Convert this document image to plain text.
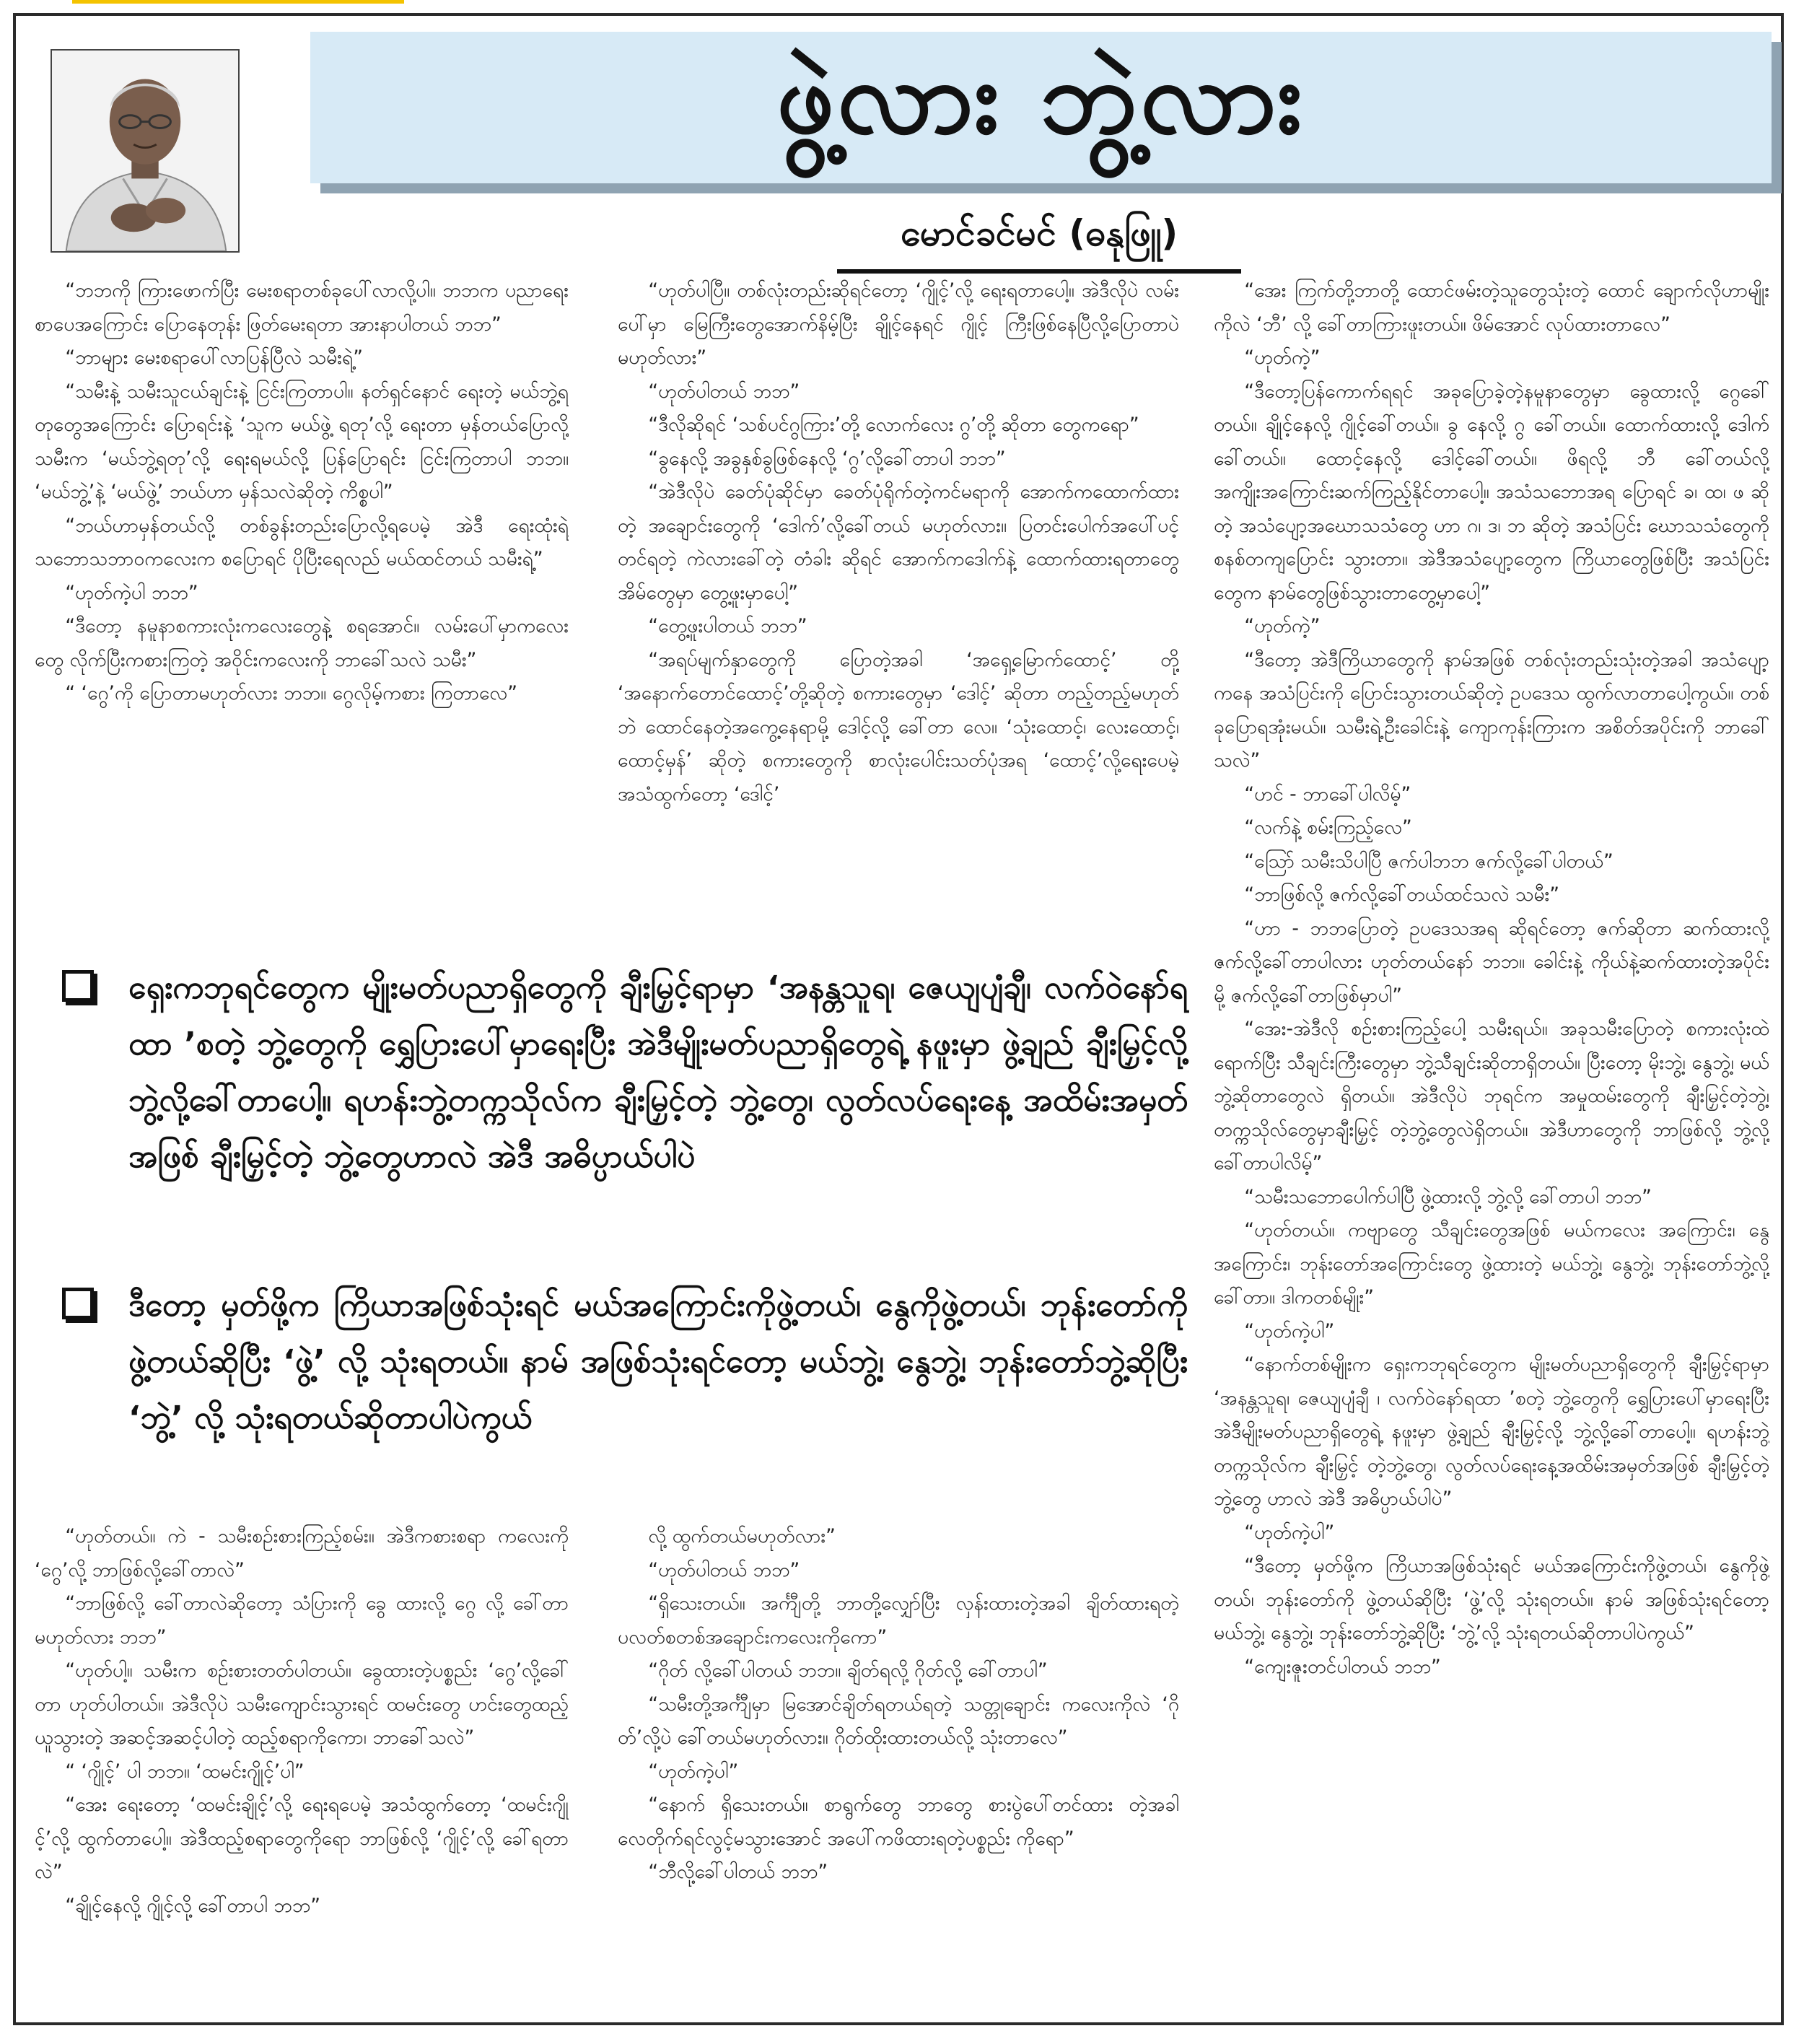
ဖွဲ့လား ဘွဲ့လား
မောင်ခင်မင် (ဓနုဖြူ)

“ဘဘကို ကြားဖောက်ပြီး မေးစရာတစ်ခုပေါ်လာလို့ပါ။ ဘဘက ပညာရေးစာပေအကြောင်း ပြောနေတုန်း ဖြတ်မေးရတာ အားနာပါတယ် ဘဘ”

“ဘာများ မေးစရာပေါ်လာပြန်ပြီလဲ သမီးရဲ့”

“သမီးနဲ့ သမီးသူငယ်ချင်းနဲ့ ငြင်းကြတာပါ။ နတ်ရှင်နောင် ရေးတဲ့ မယ်ဘွဲ့ရတုတွေအကြောင်း ပြောရင်းနဲ့ ‘သူက မယ်ဖွဲ့ ရတု’လို့ ရေးတာ မှန်တယ်ပြောလို့ သမီးက ‘မယ်ဘွဲ့ရတု’လို့ ရေးရမယ်လို့ ပြန်ပြောရင်း ငြင်းကြတာပါ ဘဘ။ ‘မယ်ဘွဲ့’နဲ့ ‘မယ်ဖွဲ့’ ဘယ်ဟာ မှန်သလဲဆိုတဲ့ ကိစ္စပါ”

“ဘယ်ဟာမှန်တယ်လို့ တစ်ခွန်းတည်းပြောလို့ရပေမဲ့ အဲဒီ ရေးထုံးရဲ့သဘောသဘာဝကလေးက စပြောရင် ပိုပြီးရေလည် မယ်ထင်တယ် သမီးရဲ့”

“ဟုတ်ကဲ့ပါ ဘဘ”

“ဒီတော့ နမူနာစကားလုံးကလေးတွေနဲ့ စရအောင်။ လမ်းပေါ်မှာကလေးတွေ လိုက်ပြီးကစားကြတဲ့ အဝိုင်းကလေးကို ဘာခေါ်သလဲ သမီး”

“ ‘ဂွေ’ကို ပြောတာမဟုတ်လား ဘဘ။ ဂွေလိုမ့်ကစား ကြတာလေ”

“ဟုတ်ပါပြီ။ တစ်လုံးတည်းဆိုရင်တော့ ‘ဂျိုင့်’လို့ ရေးရတာပေါ့။ အဲဒီလိုပဲ လမ်းပေါ်မှာ မြေကြီးတွေအောက်နိမ့်ပြီး ချိုင့်နေရင် ဂျိုင့် ကြီးဖြစ်နေပြီလို့ပြောတာပဲ မဟုတ်လား”

“ဟုတ်ပါတယ် ဘဘ”

“ဒီလိုဆိုရင် ‘သစ်ပင်ဂွကြား’တို့ လောက်လေး ဂွ’တို့ ဆိုတာ တွေကရော”

“ခွနေလို့ အခွနှစ်ခွဖြစ်နေလို့ ‘ဂွ’လို့ခေါ်တာပါ ဘဘ”

“အဲဒီလိုပဲ ခေတ်ပုံဆိုင်မှာ ခေတ်ပုံရိုက်တဲ့ကင်မရာကို အောက်ကထောက်ထားတဲ့ အချောင်းတွေကို ‘ဒေါက်’လို့ခေါ်တယ် မဟုတ်လား။ ပြတင်းပေါက်အပေါ်ပင့်တင်ရတဲ့ ကဲလားခေါ်တဲ့ တံခါး ဆိုရင် အောက်ကဒေါက်နဲ့ ထောက်ထားရတာတွေ အိမ်တွေမှာ တွေ့ဖူးမှာပေါ့”

“တွေ့ဖူးပါတယ် ဘဘ”

“အရပ်မျက်နှာတွေကို ပြောတဲ့အခါ ‘အရှေ့မြောက်ထောင့်’ တို့ ‘အနောက်တောင်ထောင့်’တို့ဆိုတဲ့ စကားတွေမှာ ‘ဒေါင့်’ ဆိုတာ တည့်တည့်မဟုတ်ဘဲ ထောင်နေတဲ့အကွေ့နေရာမို့ ဒေါင့်လို့ ခေါ်တာ လေ။ ‘သုံးထောင့်၊ လေးထောင့်၊ ထောင့်မှန်’ ဆိုတဲ့ စကားတွေကို စာလုံးပေါင်းသတ်ပုံအရ ‘ထောင့်’လို့ရေးပေမဲ့ အသံထွက်တော့ ‘ဒေါင့်’

“အေး ကြက်တို့ဘာတို့ ထောင်ဖမ်းတဲ့သူတွေသုံးတဲ့ ထောင် ချောက်လိုဟာမျိုးကိုလဲ ‘ဘီ’ လို့ ခေါ်တာကြားဖူးတယ်။ ဖိမ်အောင် လုပ်ထားတာလေ”

“ဟုတ်ကဲ့”

“ဒီတော့ပြန်ကောက်ရရင် အခုပြောခဲ့တဲ့နမူနာတွေမှာ ခွေထားလို့ ဂွေခေါ်တယ်။ ချိုင့်နေလို့ ဂျိုင့်ခေါ်တယ်။ ခွ နေလို့ ဂွ ခေါ်တယ်။ ထောက်ထားလို့ ဒေါက်ခေါ်တယ်။ ထောင့်နေလို့ ဒေါင့်ခေါ်တယ်။ ဖိရလို့ ဘီ ခေါ်တယ်လို့ အကျိုးအကြောင်းဆက်ကြည့်နိုင်တာပေါ့။ အသံသဘောအရ ပြောရင် ခ၊ ထ၊ ဖ ဆိုတဲ့ အသံပျော့အဃောသသံတွေ ဟာ ဂ၊ ဒ၊ ဘ ဆိုတဲ့ အသံပြင်း ဃောသသံတွေကို စနစ်တကျပြောင်း သွားတာ။ အဲဒီအသံပျော့တွေက ကြိယာတွေဖြစ်ပြီး အသံပြင်းတွေက နာမ်တွေဖြစ်သွားတာတွေ့မှာပေါ့”

“ဟုတ်ကဲ့”

“ဒီတော့ အဲဒီကြိယာတွေကို နာမ်အဖြစ် တစ်လုံးတည်းသုံးတဲ့အခါ အသံပျော့ကနေ အသံပြင်းကို ပြောင်းသွားတယ်ဆိုတဲ့ ဥပဒေသ ထွက်လာတာပေါ့ကွယ်။ တစ်ခုပြောရအုံးမယ်။ သမီးရဲ့ဦးခေါင်းနဲ့ ကျောကုန်းကြားက အစိတ်အပိုင်းကို ဘာခေါ်သလဲ”

“ဟင် - ဘာခေါ်ပါလိမ့်”

“လက်နဲ့ စမ်းကြည့်လေ”

“ဩော် သမီးသိပါပြီ ဇက်ပါဘဘ ဇက်လို့ခေါ်ပါတယ်”

“ဘာဖြစ်လို့ ဇက်လို့ခေါ်တယ်ထင်သလဲ သမီး”

“ဟာ - ဘဘပြောတဲ့ ဥပဒေသအရ ဆိုရင်တော့ ဇက်ဆိုတာ ဆက်ထားလို့ ဇက်လို့ခေါ်တာပါလား ဟုတ်တယ်နော် ဘဘ။ ခေါင်းနဲ့ ကိုယ်နဲ့ဆက်ထားတဲ့အပိုင်းမို့ ဇက်လို့ခေါ်တာဖြစ်မှာပါ”

“အေး-အဲဒီလို စဉ်းစားကြည့်ပေါ့ သမီးရယ်။ အခုသမီးပြောတဲ့ စကားလုံးထဲရောက်ပြီး သီချင်းကြီးတွေမှာ ဘွဲ့သီချင်းဆိုတာရှိတယ်။ ပြီးတော့ မိုးဘွဲ့၊ နွေဘွဲ့၊ မယ်ဘွဲ့ဆိုတာတွေလဲ ရှိတယ်။ အဲဒီလိုပဲ ဘုရင်က အမှုထမ်းတွေကို ချီးမြှင့်တဲ့ဘွဲ့၊ တက္ကသိုလ်တွေမှာချီးမြှင့် တဲ့ဘွဲ့တွေလဲရှိတယ်။ အဲဒီဟာတွေကို ဘာဖြစ်လို့ ဘွဲ့လို့ခေါ်တာပါလိမ့်”

“သမီးသဘောပေါက်ပါပြီ ဖွဲ့ထားလို့ ဘွဲ့လို့ ခေါ်တာပါ ဘဘ”

“ဟုတ်တယ်။ ကဗျာတွေ သီချင်းတွေအဖြစ် မယ်ကလေး အကြောင်း၊ နွေအကြောင်း၊ ဘုန်းတော်အကြောင်းတွေ ဖွဲ့ထားတဲ့ မယ်ဘွဲ့၊ နွေဘွဲ့၊ ဘုန်းတော်ဘွဲ့လို့ခေါ်တာ။ ဒါကတစ်မျိုး”

“ဟုတ်ကဲ့ပါ”

“နောက်တစ်မျိုးက ရှေးကဘုရင်တွေက မျိုးမတ်ပညာရှိတွေကို ချီးမြှင့်ရာမှာ ‘အနန္တသူရ၊ ဇေယျပျံချီ ၊ လက်ဝဲနော်ရထာ ’စတဲ့ ဘွဲ့တွေကို ရွှေပြားပေါ်မှာရေးပြီး အဲဒီမျိုးမတ်ပညာရှိတွေရဲ့ နဖူးမှာ ဖွဲ့ချည် ချီးမြှင့်လို့ ဘွဲ့လို့ခေါ်တာပေါ့။ ရဟန်းဘွဲ့တက္ကသိုလ်က ချီးမြှင့် တဲ့ဘွဲ့တွေ၊ လွတ်လပ်ရေးနေ့အထိမ်းအမှတ်အဖြစ် ချီးမြှင့်တဲ့ဘွဲ့တွေ ဟာလဲ အဲဒီ အဓိပ္ပာယ်ပါပဲ”

“ဟုတ်ကဲ့ပါ”

“ဒီတော့ မှတ်ဖို့က ကြိယာအဖြစ်သုံးရင် မယ်အကြောင်းကိုဖွဲ့တယ်၊ နွေကိုဖွဲ့တယ်၊ ဘုန်းတော်ကို ဖွဲ့တယ်ဆိုပြီး ‘ဖွဲ့’လို့ သုံးရတယ်။ နာမ် အဖြစ်သုံးရင်တော့ မယ်ဘွဲ့၊ နွေဘွဲ့၊ ဘုန်းတော်ဘွဲ့ဆိုပြီး ‘ဘွဲ့’လို့ သုံးရတယ်ဆိုတာပါပဲကွယ်”

“ကျေးဇူးတင်ပါတယ် ဘဘ”

ရှေးကဘုရင်တွေက မျိုးမတ်ပညာရှိတွေကို ချီးမြှင့်ရာမှာ ‘အနန္တသူရ၊ ဇေယျပျံချီ၊ လက်ဝဲနော်ရထာ ’စတဲ့ ဘွဲ့တွေကို ရွှေပြားပေါ်မှာရေးပြီး အဲဒီမျိုးမတ်ပညာရှိတွေရဲ့ နဖူးမှာ ဖွဲ့ချည် ချီးမြှင့်လို့ ဘွဲ့လို့ခေါ်တာပေါ့။ ရဟန်းဘွဲ့တက္ကသိုလ်က ချီးမြှင့်တဲ့ ဘွဲ့တွေ၊ လွတ်လပ်ရေးနေ့ အထိမ်းအမှတ်အဖြစ် ချီးမြှင့်တဲ့ ဘွဲ့တွေဟာလဲ အဲဒီ အဓိပ္ပာယ်ပါပဲ
ဒီတော့ မှတ်ဖို့က ကြိယာအဖြစ်သုံးရင် မယ်အကြောင်းကိုဖွဲ့တယ်၊ နွေကိုဖွဲ့တယ်၊ ဘုန်းတော်ကို ဖွဲ့တယ်ဆိုပြီး ‘ဖွဲ့’ လို့ သုံးရတယ်။ နာမ် အဖြစ်သုံးရင်တော့ မယ်ဘွဲ့၊ နွေဘွဲ့၊ ဘုန်းတော်ဘွဲ့ဆိုပြီး ‘ဘွဲ့’ လို့ သုံးရတယ်ဆိုတာပါပဲကွယ်

“ဟုတ်တယ်။ ကဲ - သမီးစဉ်းစားကြည့်စမ်း။ အဲဒီကစားစရာ ကလေးကို ‘ဂွေ’လို့ ဘာဖြစ်လို့ခေါ်တာလဲ”

“ဘာဖြစ်လို့ ခေါ်တာလဲဆိုတော့ သံပြားကို ခွေ ထားလို့ ဂွေ လို့ ခေါ်တာမဟုတ်လား ဘဘ”

“ဟုတ်ပါ့။ သမီးက စဉ်းစားတတ်ပါတယ်။ ခွေထားတဲ့ပစ္စည်း ‘ဂွေ’လို့ခေါ်တာ ဟုတ်ပါတယ်။ အဲဒီလိုပဲ သမီးကျောင်းသွားရင် ထမင်းတွေ ဟင်းတွေထည့်ယူသွားတဲ့ အဆင့်အဆင့်ပါတဲ့ ထည့်စရာကိုကော၊ ဘာခေါ်သလဲ”

“ ‘ဂျိုင့်’ ပါ ဘဘ။ ‘ထမင်းဂျိုင့်’ပါ”

“အေး ရေးတော့ ‘ထမင်းချိုင့်’လို့ ရေးရပေမဲ့ အသံထွက်တော့ ‘ထမင်းဂျိုင့်’လို့ ထွက်တာပေါ့။ အဲဒီထည့်စရာတွေကိုရော ဘာဖြစ်လို့ ‘ဂျိုင့်’လို့ ခေါ်ရတာလဲ”

“ချိုင့်နေလို့ ဂျိုင့်လို့ ခေါ်တာပါ ဘဘ”

လို့ ထွက်တယ်မဟုတ်လား”

“ဟုတ်ပါတယ် ဘဘ”

“ရှိသေးတယ်။ အင်္ကျီတို့ ဘာတို့လျှော်ပြီး လှန်းထားတဲ့အခါ ချိတ်ထားရတဲ့ ပလတ်စတစ်အချောင်းကလေးကိုကော”

“ဂိုတ် လို့ခေါ်ပါတယ် ဘဘ။ ချိတ်ရလို့ ဂိုတ်လို့ ခေါ်တာပါ”

“သမီးတို့အင်္ကျီမှာ မြအောင်ချိတ်ရတယ်ရတဲ့ သတ္တုချောင်း ကလေးကိုလဲ ‘ဂိုတ်’လို့ပဲ ခေါ်တယ်မဟုတ်လား။ ဂိုတ်ထိုးထားတယ်လို့ သုံးတာလေ”

“ဟုတ်ကဲ့ပါ”

“နောက် ရှိသေးတယ်။ စာရွက်တွေ ဘာတွေ စားပွဲပေါ်တင်ထား တဲ့အခါ လေတိုက်ရင်လွင့်မသွားအောင် အပေါ်ကဖိထားရတဲ့ပစ္စည်း ကိုရော”

“ဘီလို့ခေါ်ပါတယ် ဘဘ”
